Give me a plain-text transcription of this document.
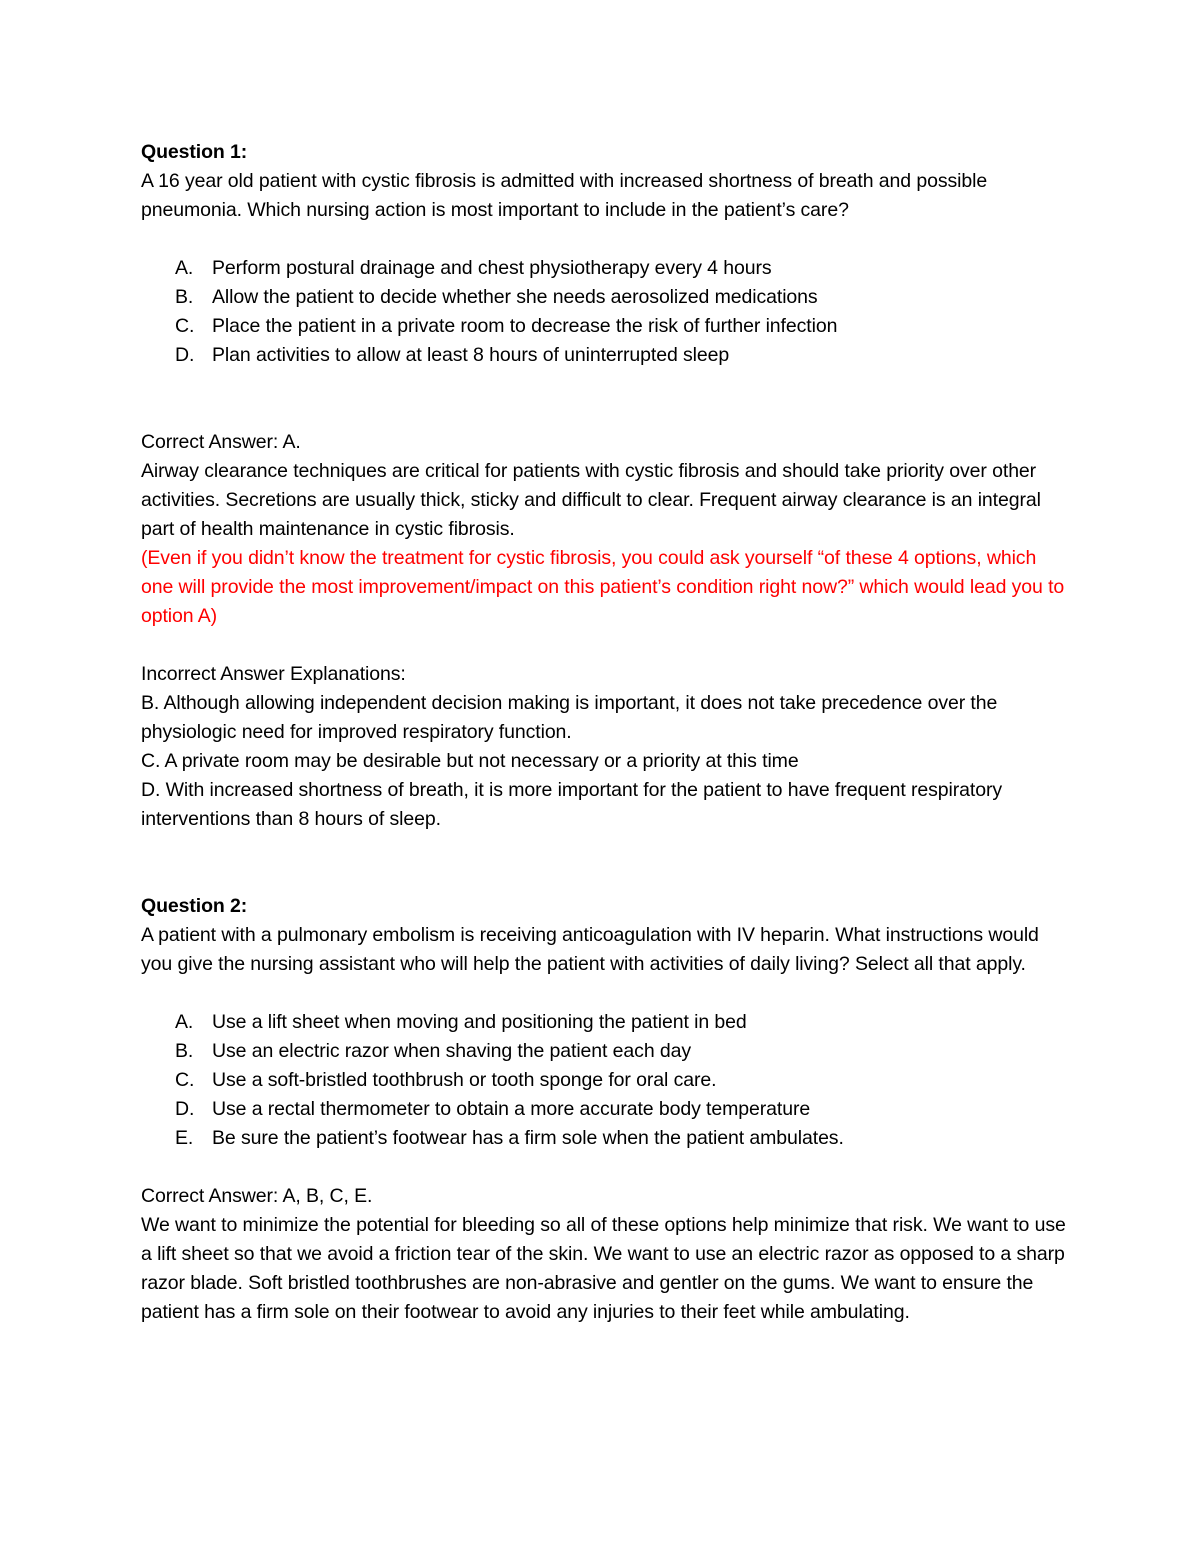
Question 1:

A 16 year old patient with cystic fibrosis is admitted with increased shortness of breath and possible pneumonia. Which nursing action is most important to include in the patient’s care?

A. Perform postural drainage and chest physiotherapy every 4 hours
B. Allow the patient to decide whether she needs aerosolized medications
C. Place the patient in a private room to decrease the risk of further infection
D. Plan activities to allow at least 8 hours of uninterrupted sleep

Correct Answer: A.

Airway clearance techniques are critical for patients with cystic fibrosis and should take priority over other activities. Secretions are usually thick, sticky and difficult to clear. Frequent airway clearance is an integral part of health maintenance in cystic fibrosis.

(Even if you didn’t know the treatment for cystic fibrosis, you could ask yourself “of these 4 options, which one will provide the most improvement/impact on this patient’s condition right now?” which would lead you to option A)

Incorrect Answer Explanations:

B. Although allowing independent decision making is important, it does not take precedence over the physiologic need for improved respiratory function.

C. A private room may be desirable but not necessary or a priority at this time

D. With increased shortness of breath, it is more important for the patient to have frequent respiratory interventions than 8 hours of sleep.

Question 2:

A patient with a pulmonary embolism is receiving anticoagulation with IV heparin. What instructions would you give the nursing assistant who will help the patient with activities of daily living? Select all that apply.

A. Use a lift sheet when moving and positioning the patient in bed
B. Use an electric razor when shaving the patient each day
C. Use a soft-bristled toothbrush or tooth sponge for oral care.
D. Use a rectal thermometer to obtain a more accurate body temperature
E. Be sure the patient’s footwear has a firm sole when the patient ambulates.

Correct Answer: A, B, C, E.

We want to minimize the potential for bleeding so all of these options help minimize that risk. We want to use a lift sheet so that we avoid a friction tear of the skin. We want to use an electric razor as opposed to a sharp razor blade. Soft bristled toothbrushes are non-abrasive and gentler on the gums. We want to ensure the patient has a firm sole on their footwear to avoid any injuries to their feet while ambulating.
